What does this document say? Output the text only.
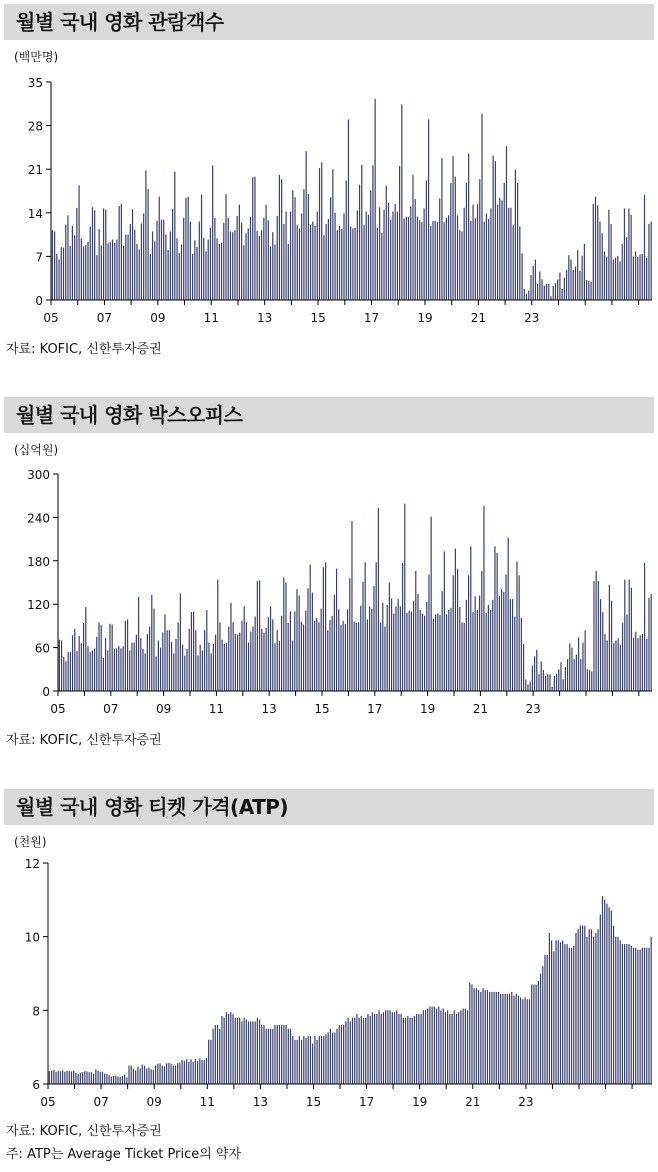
월별 국내 영화 관람객수
(백만명)
0
7
14
21
28
35
05	07	09	11	13	15	17	19	21	23
자료: KOFIC, 신한투자증권
월별 국내 영화 박스오피스
(십억원)
0
60
120
180
240
300
05	07	09	11	13	15	17	19	21	23
자료: KOFIC, 신한투자증권
월별 국내 영화 티켓 가격(ATP)
(천원)
6
8
10
12
05	07	09	11	13	15	17	19	21	23
자료: KOFIC, 신한투자증권
주: ATP는 Average Ticket Price의 약자
